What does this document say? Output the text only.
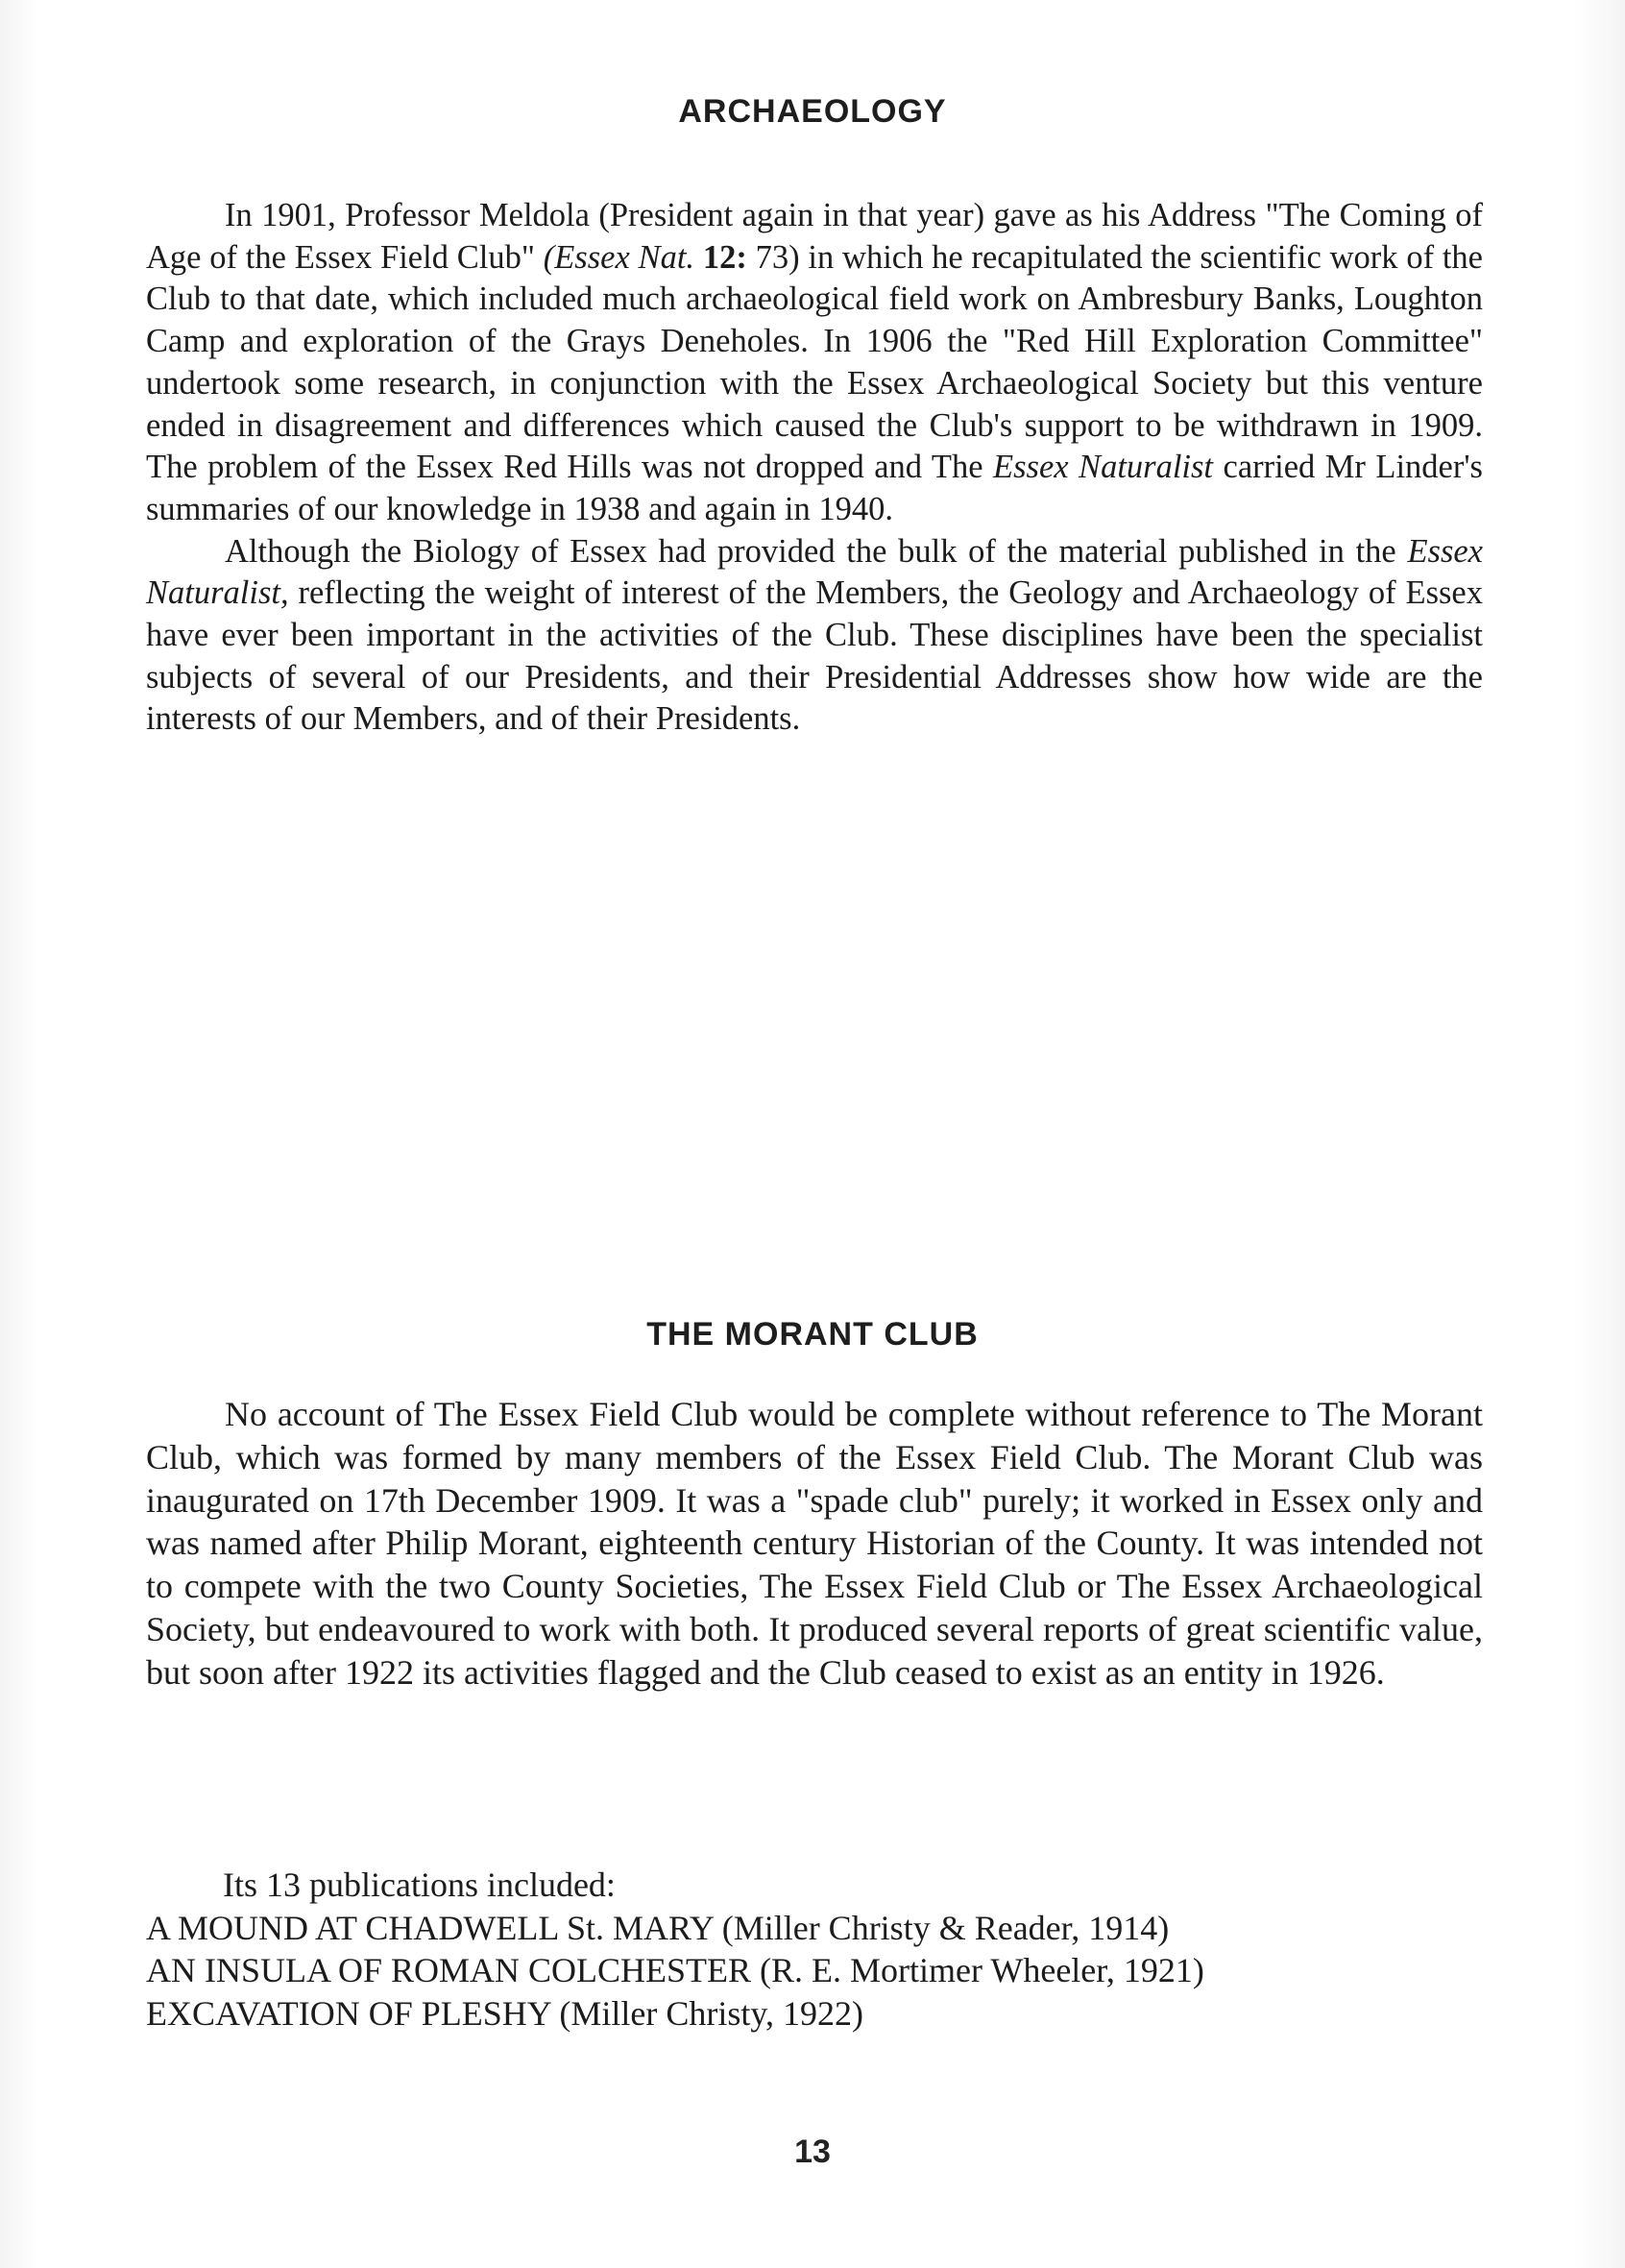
ARCHAEOLOGY

In 1901, Professor Meldola (President again in that year) gave as his Address "The Coming of Age of the Essex Field Club" (Essex Nat. 12: 73) in which he recapitulated the scientific work of the Club to that date, which included much archaeological field work on Ambresbury Banks, Loughton Camp and exploration of the Grays Deneholes. In 1906 the "Red Hill Exploration Committee" undertook some research, in conjunction with the Essex Archaeological Society but this venture ended in disagreement and differences which caused the Club's support to be withdrawn in 1909. The problem of the Essex Red Hills was not dropped and The Essex Naturalist carried Mr Linder's summaries of our knowledge in 1938 and again in 1940.

Although the Biology of Essex had provided the bulk of the material published in the Essex Naturalist, reflecting the weight of interest of the Members, the Geology and Archaeology of Essex have ever been important in the activities of the Club. These disciplines have been the specialist subjects of several of our Presidents, and their Presidential Addresses show how wide are the interests of our Members, and of their Presidents.

THE MORANT CLUB

No account of The Essex Field Club would be complete without reference to The Morant Club, which was formed by many members of the Essex Field Club. The Morant Club was inaugurated on 17th December 1909. It was a "spade club" purely; it worked in Essex only and was named after Philip Morant, eighteenth century Historian of the County. It was intended not to compete with the two County Societies, The Essex Field Club or The Essex Archaeological Society, but endeavoured to work with both. It produced several reports of great scientific value, but soon after 1922 its activities flagged and the Club ceased to exist as an entity in 1926.

Its 13 publications included:

A MOUND AT CHADWELL St. MARY (Miller Christy & Reader, 1914)

AN INSULA OF ROMAN COLCHESTER (R. E. Mortimer Wheeler, 1921)

EXCAVATION OF PLESHY (Miller Christy, 1922)

13
